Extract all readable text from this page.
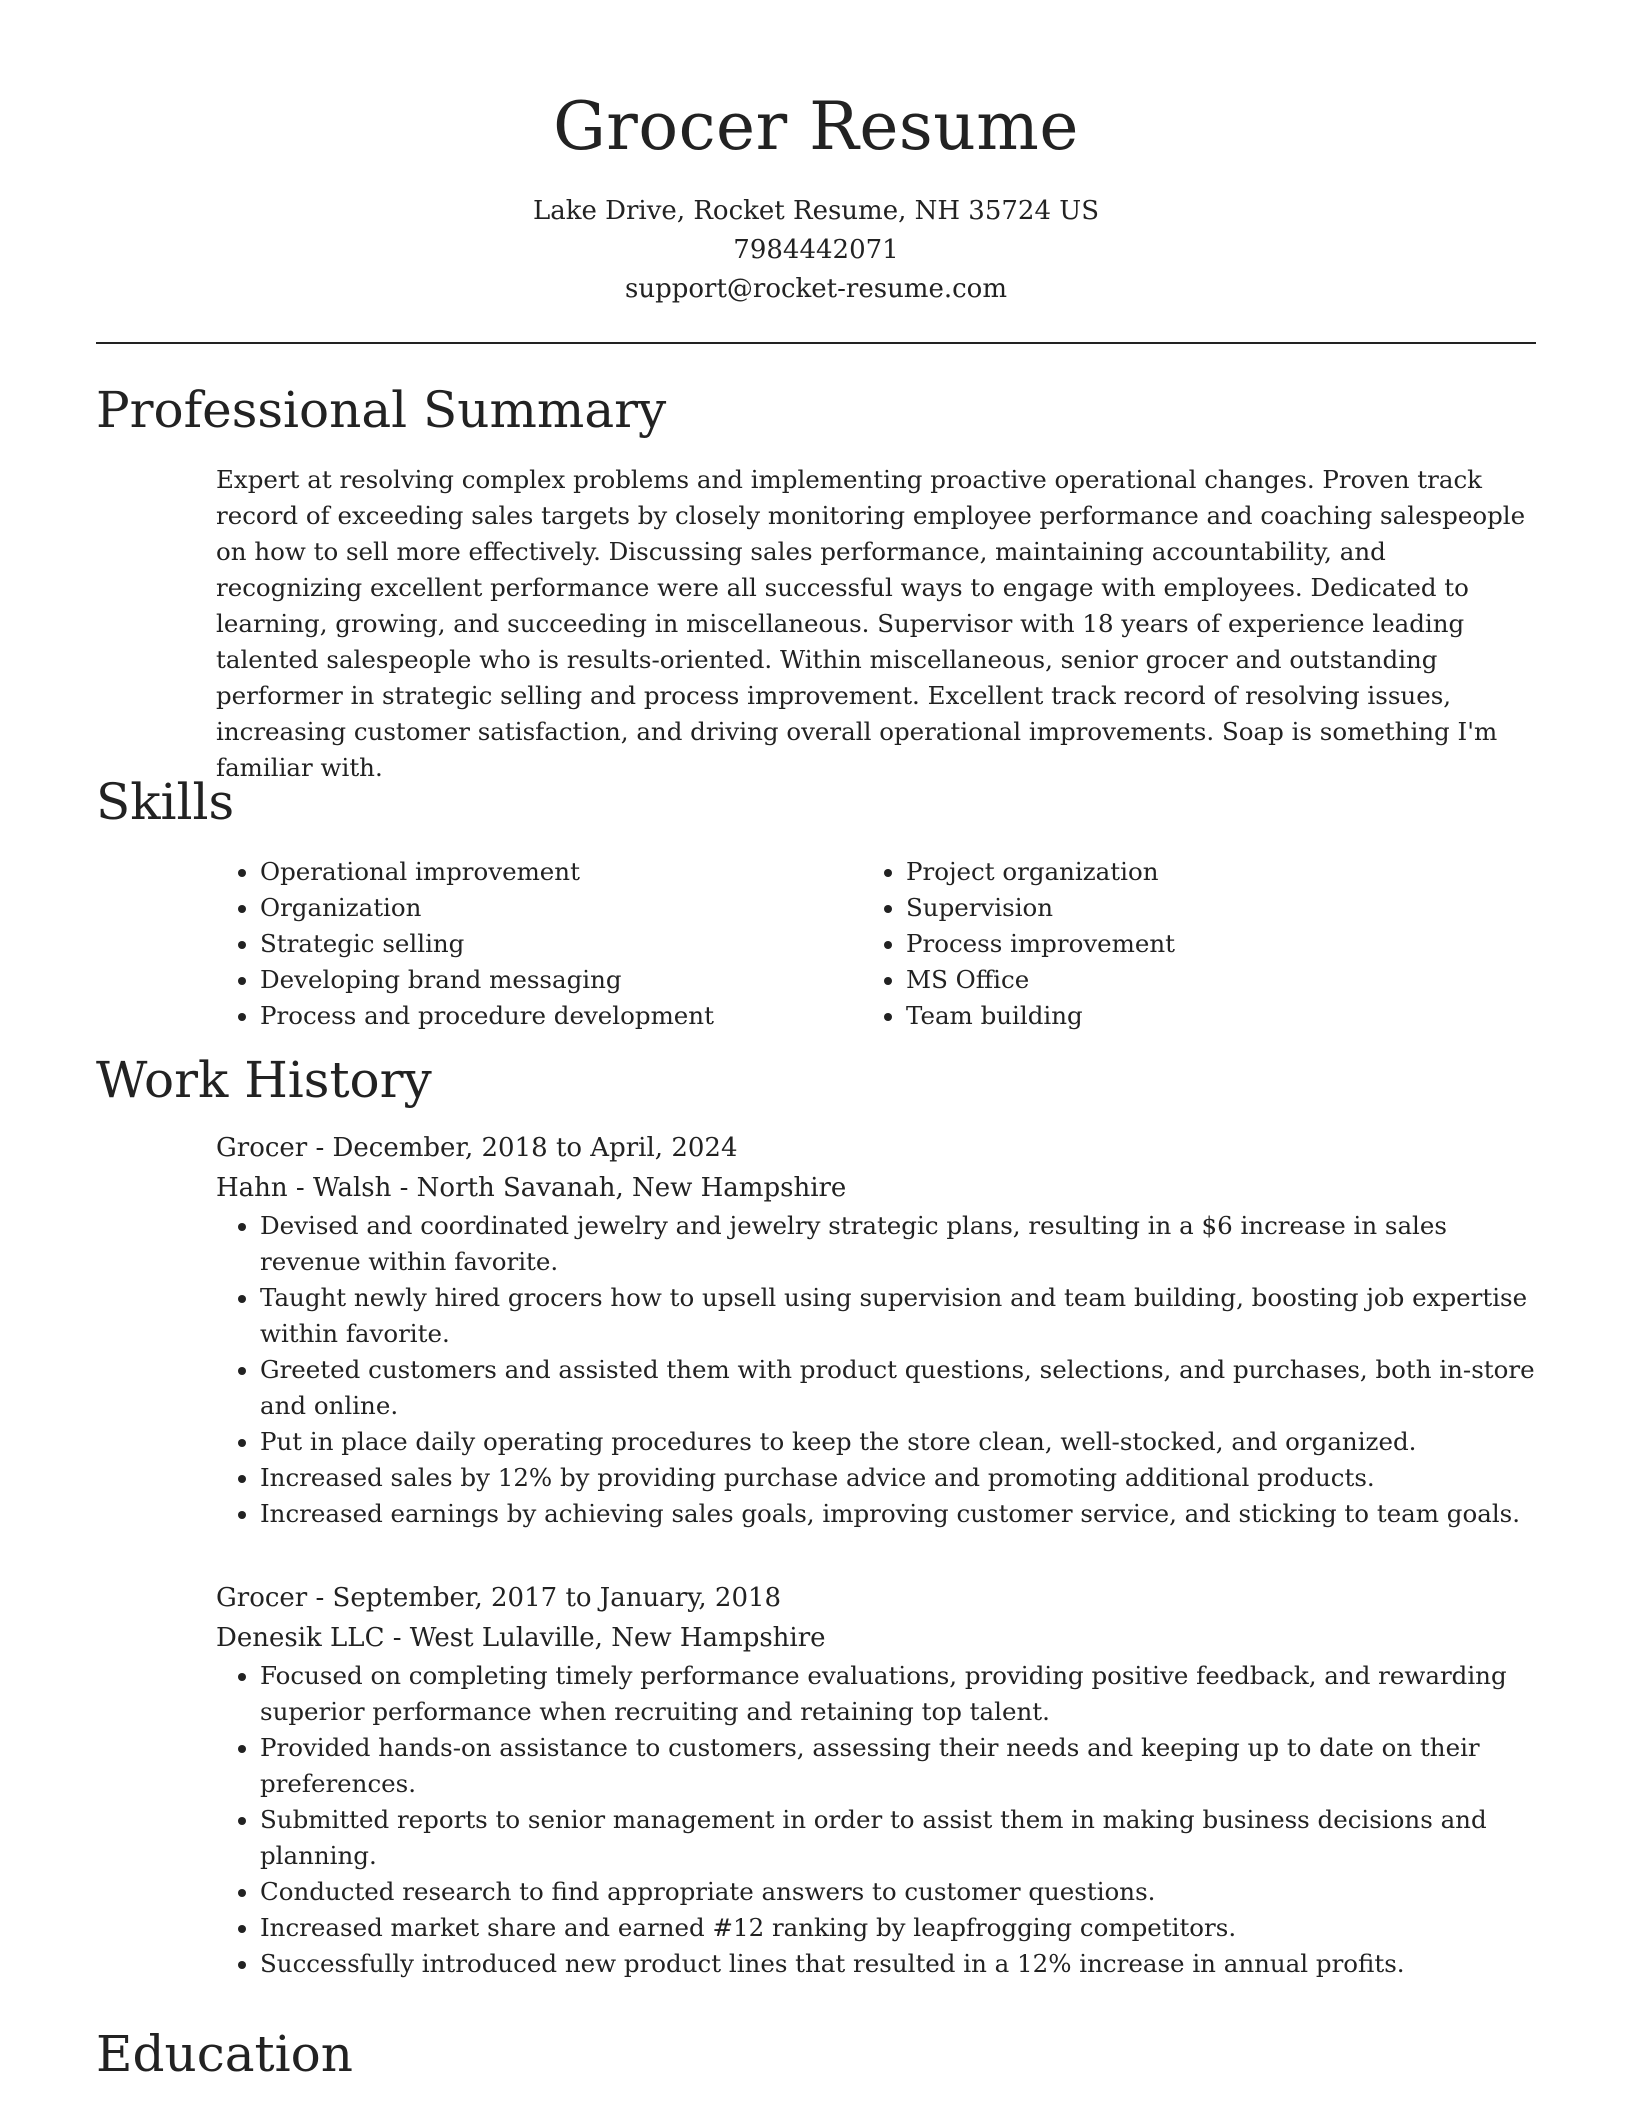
Grocer Resume
Lake Drive, Rocket Resume, NH 35724 US
7984442071
support@rocket-resume.com
Professional Summary

Expert at resolving complex problems and implementing proactive operational changes. Proven track record of exceeding sales targets by closely monitoring employee performance and coaching salespeople on how to sell more effectively. Discussing sales performance, maintaining accountability, and recognizing excellent performance were all successful ways to engage with employees. Dedicated to learning, growing, and succeeding in miscellaneous. Supervisor with 18 years of experience leading talented salespeople who is results-oriented. Within miscellaneous, senior grocer and outstanding performer in strategic selling and process improvement. Excellent track record of resolving issues, increasing customer satisfaction, and driving overall operational improvements. Soap is something I'm familiar with.

Skills
• Operational improvement
• Organization
• Strategic selling
• Developing brand messaging
• Process and procedure development
• Project organization
• Supervision
• Process improvement
• MS Office
• Team building
Work History
Grocer - December, 2018 to April, 2024
Hahn - Walsh - North Savanah, New Hampshire
• Devised and coordinated jewelry and jewelry strategic plans, resulting in a $6 increase in sales revenue within favorite.
• Taught newly hired grocers how to upsell using supervision and team building, boosting job expertise within favorite.
• Greeted customers and assisted them with product questions, selections, and purchases, both in-store and online.
• Put in place daily operating procedures to keep the store clean, well-stocked, and organized.
• Increased sales by 12% by providing purchase advice and promoting additional products.
• Increased earnings by achieving sales goals, improving customer service, and sticking to team goals.
Grocer - September, 2017 to January, 2018
Denesik LLC - West Lulaville, New Hampshire
• Focused on completing timely performance evaluations, providing positive feedback, and rewarding superior performance when recruiting and retaining top talent.
• Provided hands-on assistance to customers, assessing their needs and keeping up to date on their preferences.
• Submitted reports to senior management in order to assist them in making business decisions and planning.
• Conducted research to find appropriate answers to customer questions.
• Increased market share and earned #12 ranking by leapfrogging competitors.
• Successfully introduced new product lines that resulted in a 12% increase in annual profits.
Education
